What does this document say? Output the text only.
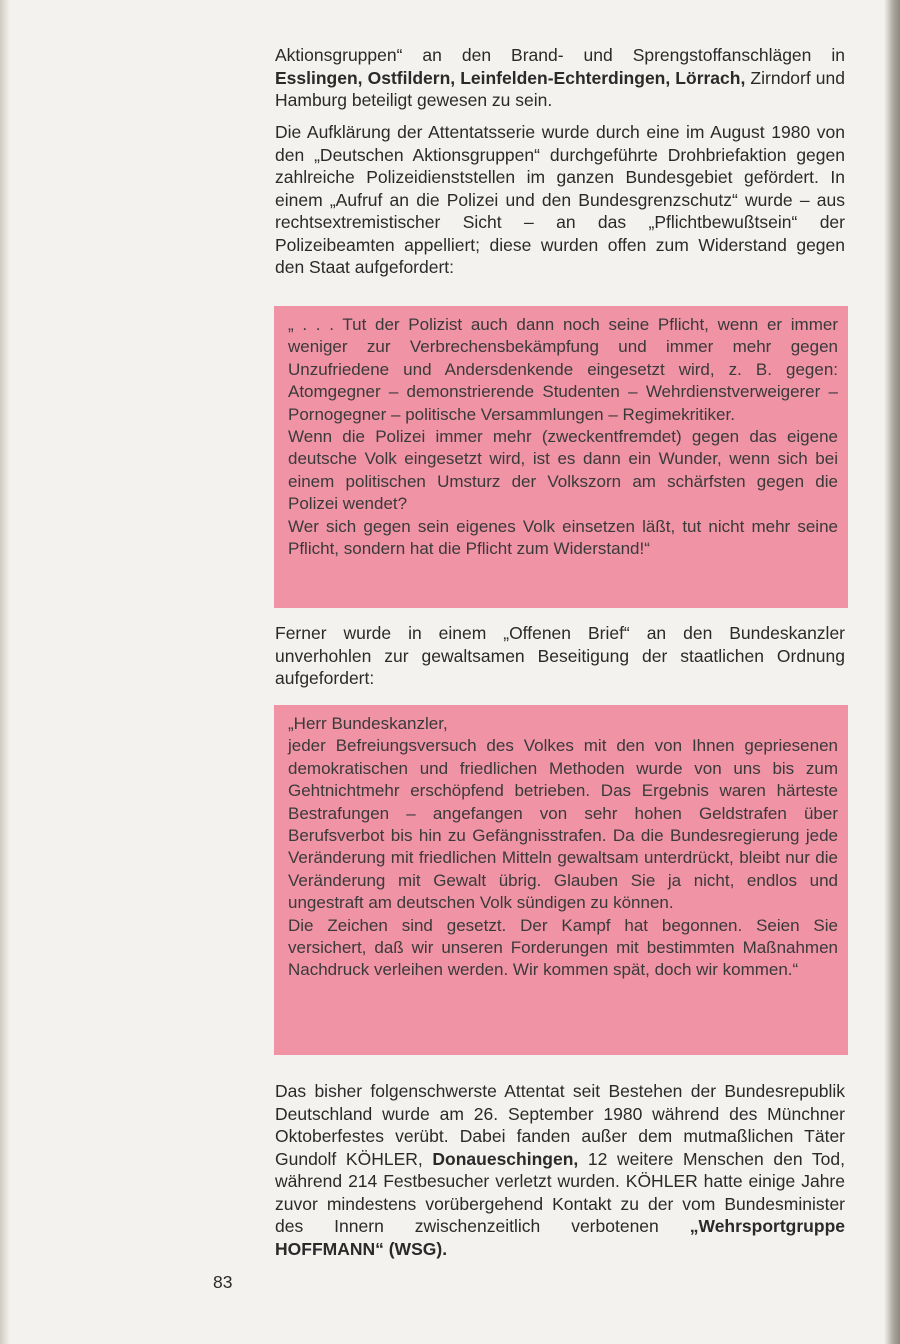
Aktionsgruppen“ an den Brand- und Sprengstoffanschlägen in Esslingen, Ostfildern, Leinfelden-Echterdingen, Lörrach, Zirndorf und Hamburg beteiligt gewesen zu sein.

Die Aufklärung der Attentatsserie wurde durch eine im August 1980 von den „Deutschen Aktionsgruppen“ durchgeführte Drohbriefaktion gegen zahlreiche Polizeidienststellen im ganzen Bundesgebiet gefördert. In einem „Aufruf an die Polizei und den Bundesgrenzschutz“ wurde – aus rechtsextremistischer Sicht – an das „Pflichtbewußtsein“ der Polizeibeamten appelliert; diese wurden offen zum Widerstand gegen den Staat aufgefordert:

„ . . . Tut der Polizist auch dann noch seine Pflicht, wenn er immer weniger zur Verbrechensbekämpfung und immer mehr gegen Unzufriedene und Andersdenkende eingesetzt wird, z. B. gegen: Atomgegner – demonstrierende Studenten – Wehrdienstverweigerer – Pornogegner – politische Versammlungen – Regimekritiker.

Wenn die Polizei immer mehr (zweckentfremdet) gegen das eigene deutsche Volk eingesetzt wird, ist es dann ein Wunder, wenn sich bei einem politischen Umsturz der Volkszorn am schärfsten gegen die Polizei wendet?

Wer sich gegen sein eigenes Volk einsetzen läßt, tut nicht mehr seine Pflicht, sondern hat die Pflicht zum Widerstand!“

Ferner wurde in einem „Offenen Brief“ an den Bundeskanzler unverhohlen zur gewaltsamen Beseitigung der staatlichen Ordnung aufgefordert:

„Herr Bundeskanzler,

jeder Befreiungsversuch des Volkes mit den von Ihnen gepriesenen demokratischen und friedlichen Methoden wurde von uns bis zum Gehtnichtmehr erschöpfend betrieben. Das Ergebnis waren härteste Bestrafungen – angefangen von sehr hohen Geldstrafen über Berufsverbot bis hin zu Gefängnisstrafen. Da die Bundesregierung jede Veränderung mit friedlichen Mitteln gewaltsam unterdrückt, bleibt nur die Veränderung mit Gewalt übrig. Glauben Sie ja nicht, endlos und ungestraft am deutschen Volk sündigen zu können.

Die Zeichen sind gesetzt. Der Kampf hat begonnen. Seien Sie versichert, daß wir unseren Forderungen mit bestimmten Maßnahmen Nachdruck verleihen werden. Wir kommen spät, doch wir kommen.“

Das bisher folgenschwerste Attentat seit Bestehen der Bundesrepublik Deutschland wurde am 26. September 1980 während des Münchner Oktoberfestes verübt. Dabei fanden außer dem mutmaßlichen Täter Gundolf KÖHLER, Donaueschingen, 12 weitere Menschen den Tod, während 214 Festbesucher verletzt wurden. KÖHLER hatte einige Jahre zuvor mindestens vorübergehend Kontakt zu der vom Bundesminister des Innern zwischenzeitlich verbotenen „Wehrsportgruppe HOFFMANN“ (WSG).

83
